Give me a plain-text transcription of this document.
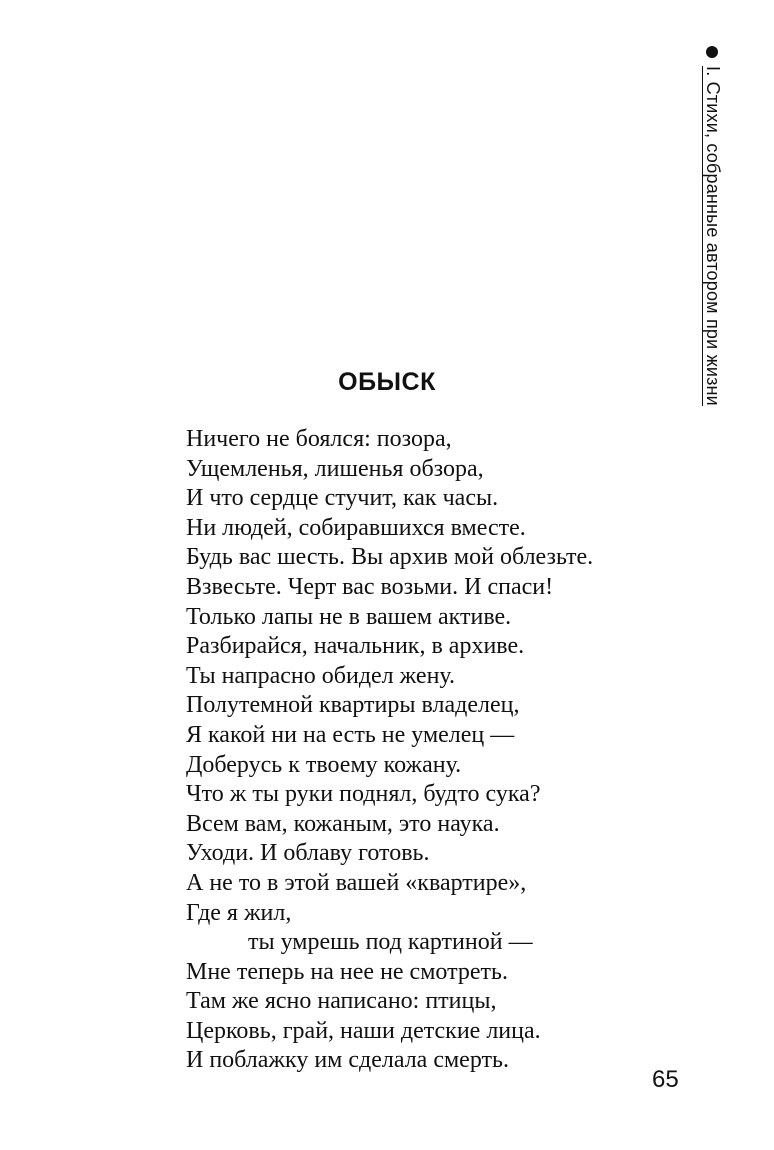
I. Стихи, собранные автором при жизни
ОБЫСК
Ничего не боялся: позора,
Ущемленья, лишенья обзора,
И что сердце стучит, как часы.
Ни людей, собиравшихся вместе.
Будь вас шесть. Вы архив мой облезьте.
Взвесьте. Черт вас возьми. И спаси!
Только лапы не в вашем активе.
Разбирайся, начальник, в архиве.
Ты напрасно обидел жену.
Полутемной квартиры владелец,
Я какой ни на есть не умелец —
Доберусь к твоему кожану.
Что ж ты руки поднял, будто сука?
Всем вам, кожаным, это наука.
Уходи. И облаву готовь.
А не то в этой вашей «квартире»,
Где я жил,
ты умрешь под картиной —
Мне теперь на нее не смотреть.
Там же ясно написано: птицы,
Церковь, грай, наши детские лица.
И поблажку им сделала смерть.

65
